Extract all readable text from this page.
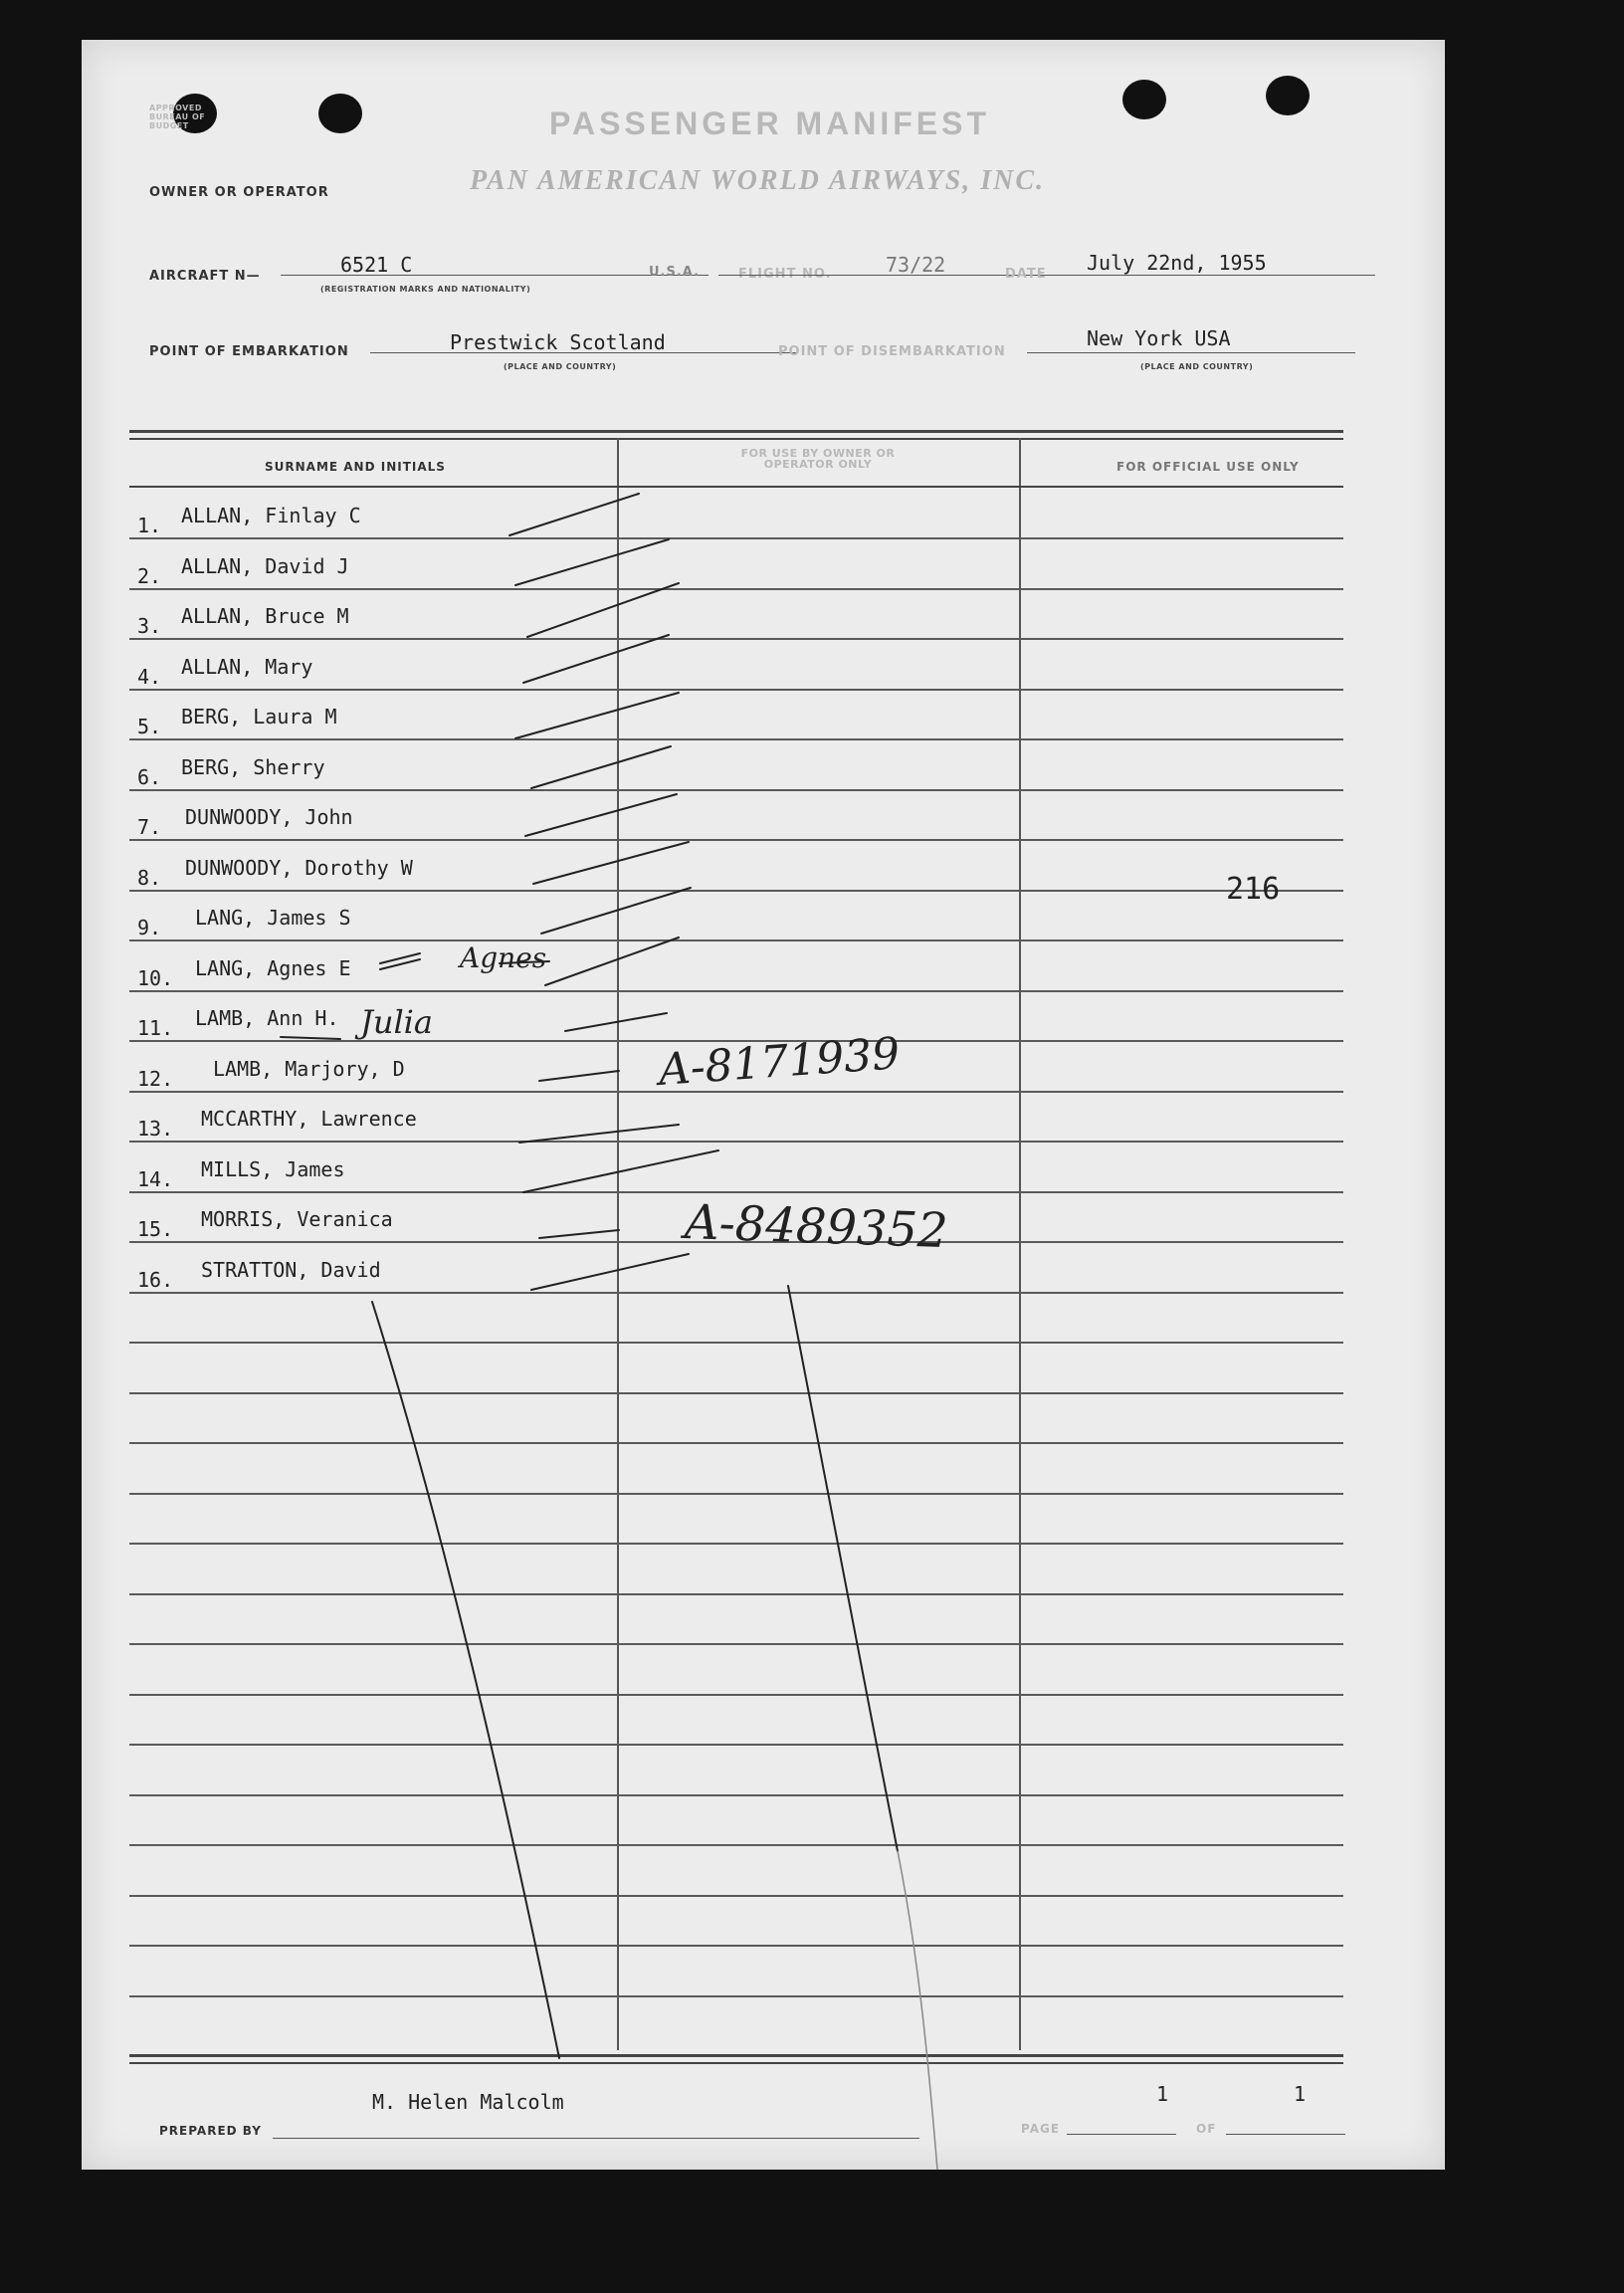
APPROVED BUREAU OF BUDGET	PASSENGER MANIFEST
OWNER OR OPERATOR	PAN AMERICAN WORLD AIRWAYS, INC.
AIRCRAFT N—	6521 C
(REGISTRATION MARKS AND NATIONALITY)
U.S.A.	FLIGHT NO.	73/22	DATE July 22nd, 1955
POINT OF EMBARKATION	Prestwick Scotland
(PLACE AND COUNTRY)
POINT OF DISEMBARKATION
New York USA
(PLACE AND COUNTRY)
SURNAME AND INITIALS
FOR USE BY OWNER OR OPERATOR ONLY	FOR OFFICIAL USE ONLY
1. ALLAN, Finlay C
2. ALLAN, David J
3. ALLAN, Bruce M
4. ALLAN, Mary
5. BERG, Laura M
6. BERG, Sherry
7.	DUNWOODY, John
8.	DUNWOODY, Dorothy W
9.	LANG, James S
10. LANG, Agnes E
11. LAMB, Ann H.
12. LAMB, Marjory, D
13. MCCARTHY, Lawrence
14. MILLS, James
15. MORRIS, Veranica
16. STRATTON, David
216
Agnes
Julia
A-8171939
A-8489352
PREPARED BY
M. Helen Malcolm
PAGE
1
OF
1
